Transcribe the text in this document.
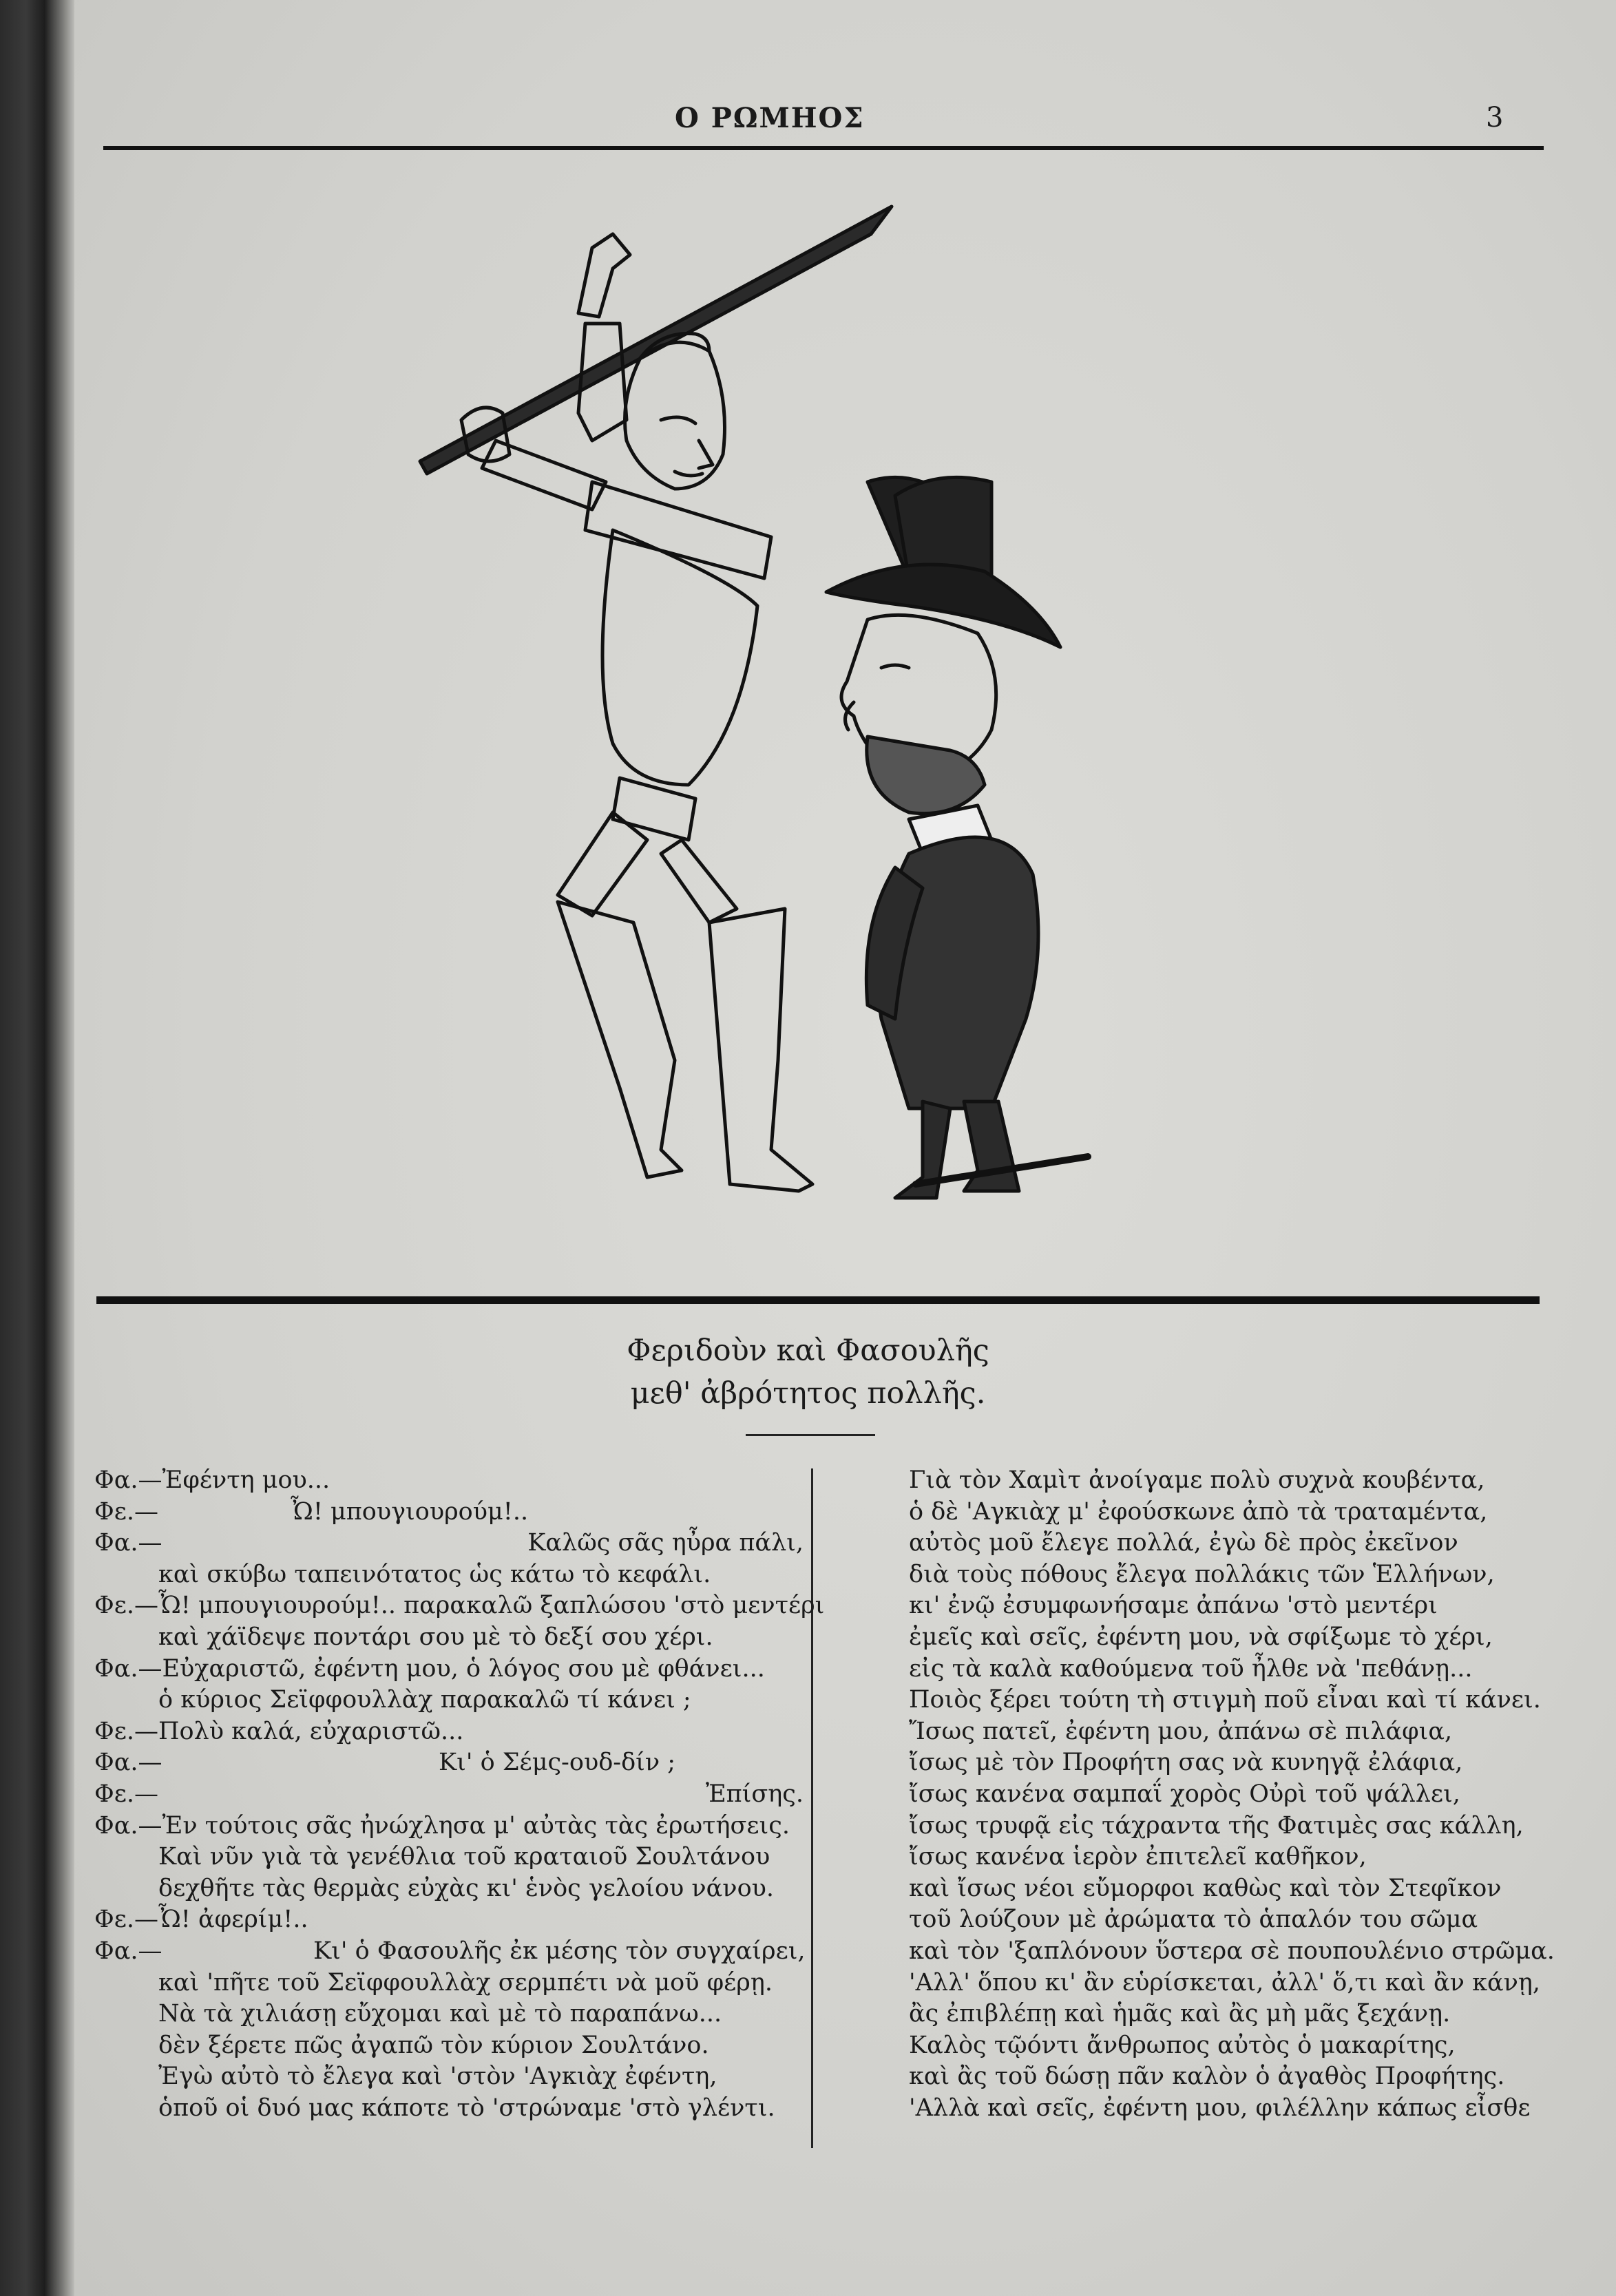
Ο ΡΩΜΗΟΣ	3
Φεριδοὺν καὶ Φασουλῆς
μεθ' ἀβρότητος πολλῆς.
Φα.—Ἐφέντη μου...
Φε.—	Ὦ! μπουγιουρούμ!..
Φα.—	Καλῶς σᾶς ηὖρα πάλι,
καὶ σκύβω ταπεινότατος ὡς κάτω τὸ κεφάλι.
Φε.—Ὦ! μπουγιουρούμ!.. παρακαλῶ ξαπλώσου 'στὸ μεντέρι
καὶ χάϊδεψε ποντάρι σου μὲ τὸ δεξί σου χέρι.
Φα.—Εὐχαριστῶ, ἐφέντη μου, ὁ λόγος σου μὲ φθάνει...
ὁ κύριος Σεϊφφουλλὰχ παρακαλῶ τί κάνει ;
Φε.—Πολὺ καλά, εὐχαριστῶ...
Φα.—	Κι' ὁ Σέμς-ουδ-δίν ;
Φε.—	Ἐπίσης.
Φα.—Ἐν τούτοις σᾶς ἠνώχλησα μ' αὐτὰς τὰς ἐρωτήσεις.
Καὶ νῦν γιὰ τὰ γενέθλια τοῦ κραταιοῦ Σουλτάνου
δεχθῆτε τὰς θερμὰς εὐχὰς κι' ἑνὸς γελοίου νάνου.
Φε.—Ὦ! ἀφερίμ!..
Φα.—	Κι' ὁ Φασουλῆς ἐκ μέσης τὸν συγχαίρει,
καὶ 'πῆτε τοῦ Σεϊφφουλλὰχ σερμπέτι νὰ μοῦ φέρῃ.
Νὰ τὰ χιλιάσῃ εὔχομαι καὶ μὲ τὸ παραπάνω...
δὲν ξέρετε πῶς ἀγαπῶ τὸν κύριον Σουλτάνο.
Ἐγὼ αὐτὸ τὸ ἔλεγα καὶ 'στὸν 'Αγκιὰχ ἐφέντη,
ὁποῦ οἱ δυό μας κάποτε τὸ 'στρώναμε 'στὸ γλέντι.
Γιὰ τὸν Χαμὶτ ἀνοίγαμε πολὺ συχνὰ κουβέντα,
ὁ δὲ 'Αγκιὰχ μ' ἐφούσκωνε ἀπὸ τὰ τραταμέντα,
αὐτὸς μοῦ ἔλεγε πολλά, ἐγὼ δὲ πρὸς ἐκεῖνον
διὰ τοὺς πόθους ἔλεγα πολλάκις τῶν Ἑλλήνων,
κι' ἐνῷ ἐσυμφωνήσαμε ἀπάνω 'στὸ μεντέρι
ἐμεῖς καὶ σεῖς, ἐφέντη μου, νὰ σφίξωμε τὸ χέρι,
εἰς τὰ καλὰ καθούμενα τοῦ ἦλθε νὰ 'πεθάνῃ...
Ποιὸς ξέρει τούτη τὴ στιγμὴ ποῦ εἶναι καὶ τί κάνει.
Ἴσως πατεῖ, ἐφέντη μου, ἀπάνω σὲ πιλάφια,
ἴσως μὲ τὸν Προφήτη σας νὰ κυνηγᾷ ἐλάφια,
ἴσως κανένα σαμπαΐ χορὸς Οὐρὶ τοῦ ψάλλει,
ἴσως τρυφᾷ εἰς τάχραντα τῆς Φατιμὲς σας κάλλη,
ἴσως κανένα ἱερὸν ἐπιτελεῖ καθῆκον,
καὶ ἴσως νέοι εὔμορφοι καθὼς καὶ τὸν Στεφῖκον
τοῦ λούζουν μὲ ἀρώματα τὸ ἁπαλόν του σῶμα
καὶ τὸν 'ξαπλόνουν ὕστερα σὲ πουπουλένιο στρῶμα.
'Αλλ' ὅπου κι' ἂν εὑρίσκεται, ἀλλ' ὅ,τι καὶ ἂν κάνῃ,
ἂς ἐπιβλέπῃ καὶ ἡμᾶς καὶ ἂς μὴ μᾶς ξεχάνῃ.
Καλὸς τῷόντι ἄνθρωπος αὐτὸς ὁ μακαρίτης,
καὶ ἂς τοῦ δώσῃ πᾶν καλὸν ὁ ἀγαθὸς Προφήτης.
'Αλλὰ καὶ σεῖς, ἐφέντη μου, φιλέλλην κάπως εἶσθε
